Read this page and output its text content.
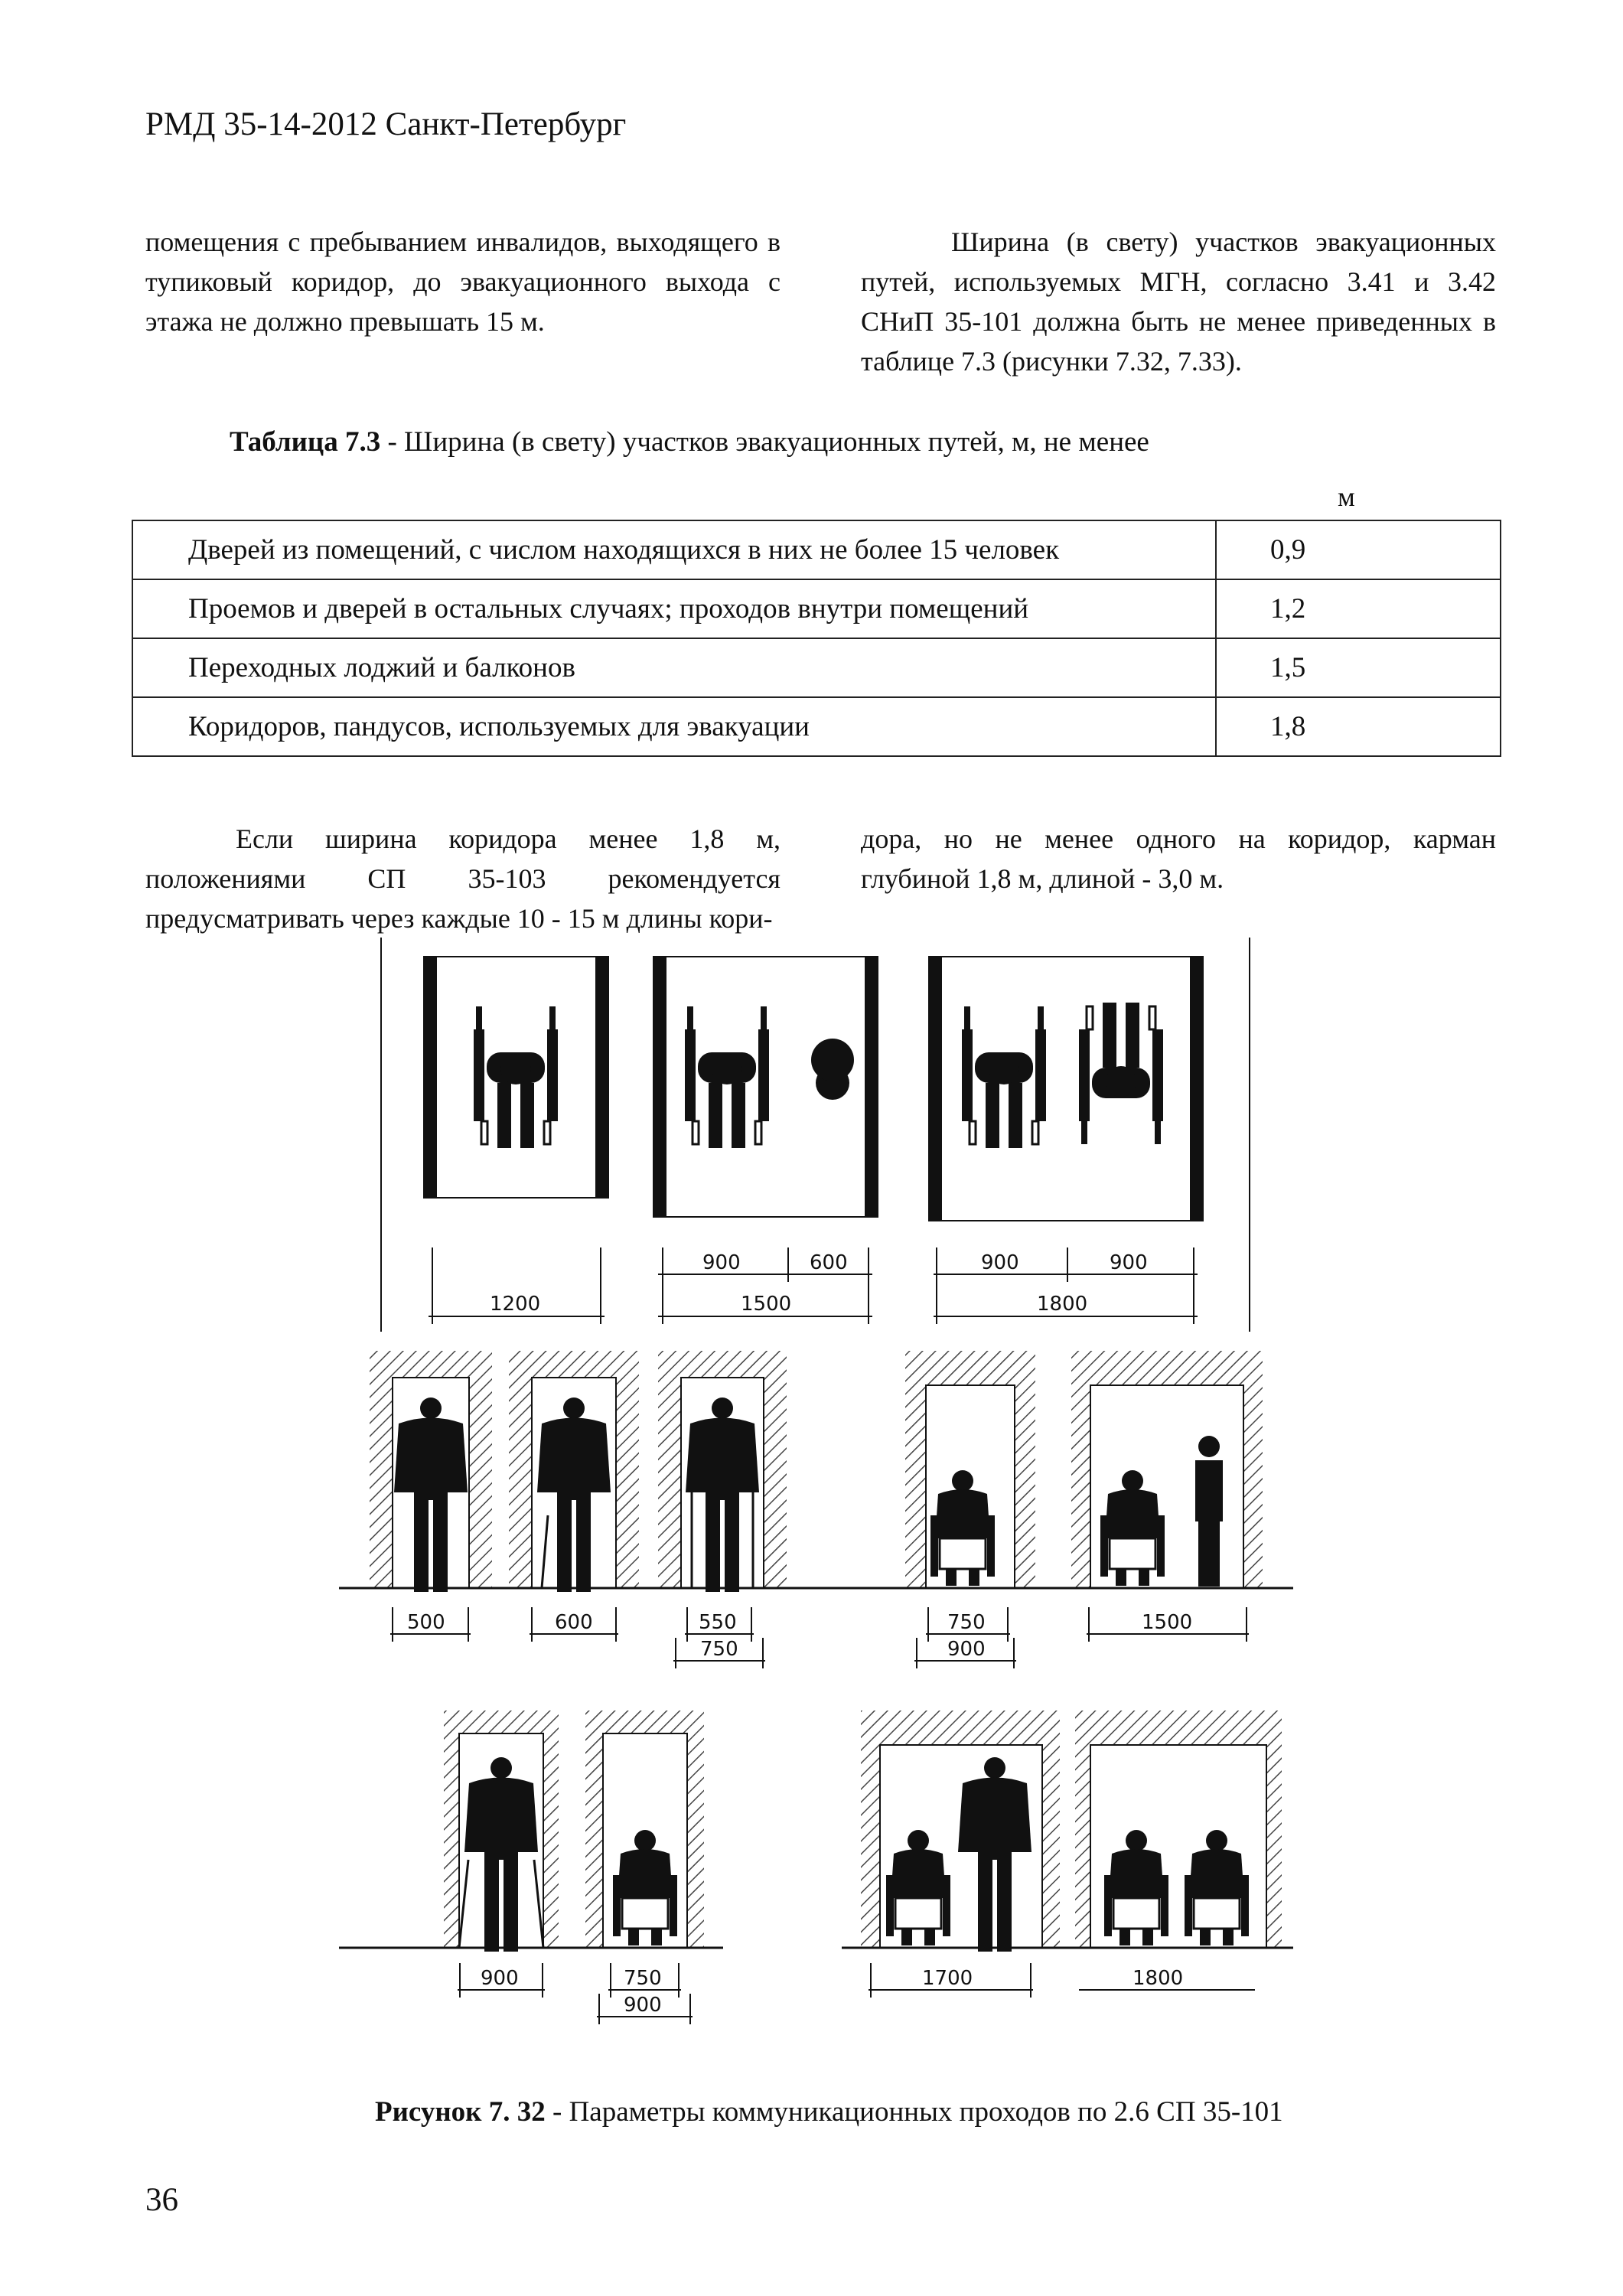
РМД 35-14-2012 Санкт-Петербург

помещения с пребыванием инвалидов, выходящего в тупиковый коридор, до эвакуационного выхода с этажа не должно превышать 15 м.

Ширина (в свету) участков эвакуационных путей, используемых МГН, согласно 3.41 и 3.42 СНиП 35-101 должна быть не менее приведенных в таблице 7.3 (рисунки 7.32, 7.33).

Таблица 7.3 - Ширина (в свету) участков эвакуационных путей, м, не менее
м
Дверей из помещений, с числом находящихся в них не более 15 человек	0,9
Проемов и дверей в остальных случаях; проходов внутри помещений	1,2
Переходных лоджий и балконов	1,5
Коридоров, пандусов, используемых для эвакуации	1,8

Если ширина коридора менее 1,8 м, положениями СП 35-103 рекомендуется предусматривать через каждые 10 - 15 м длины кори-

дора, но не менее одного на коридор, карман глубиной 1,8 м, длиной - 3,0 м.

1200
900	600
1500
900	900
1800
500	600	550
750
750
900
1500
900	750
900
1700	1800
Рисунок 7. 32 - Параметры коммуникационных проходов по 2.6 СП 35-101
36
